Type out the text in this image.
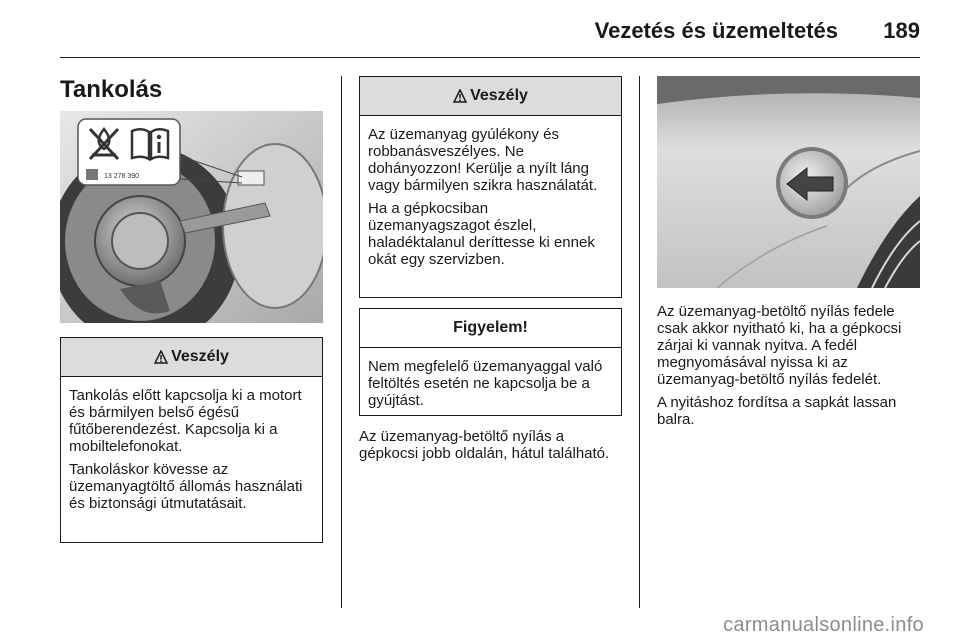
Vezetés és üzemeltetés 189
Tankolás
13 278 390
Veszély

Tankolás előtt kapcsolja ki a motort és bármilyen belső égésű fűtőberendezést. Kapcsolja ki a mobiltelefonokat.

Tankoláskor kövesse az üzemanyagtöltő állomás használati és biztonsági útmutatásait.

Veszély

Az üzemanyag gyúlékony és robbanásveszélyes. Ne dohányozzon! Kerülje a nyílt láng vagy bármilyen szikra használatát.

Ha a gépkocsiban üzemanyagszagot észlel, haladéktalanul deríttesse ki ennek okát egy szervizben.

Figyelem!

Nem megfelelő üzemanyaggal való feltöltés esetén ne kapcsolja be a gyújtást.

Az üzemanyag-betöltő nyílás a gépkocsi jobb oldalán, hátul található.

Az üzemanyag-betöltő nyílás fedele csak akkor nyitható ki, ha a gépkocsi zárjai ki vannak nyitva. A fedél megnyomásával nyissa ki az üzemanyag-betöltő nyílás fedelét.

A nyitáshoz fordítsa a sapkát lassan balra.

carmanualsonline.info
